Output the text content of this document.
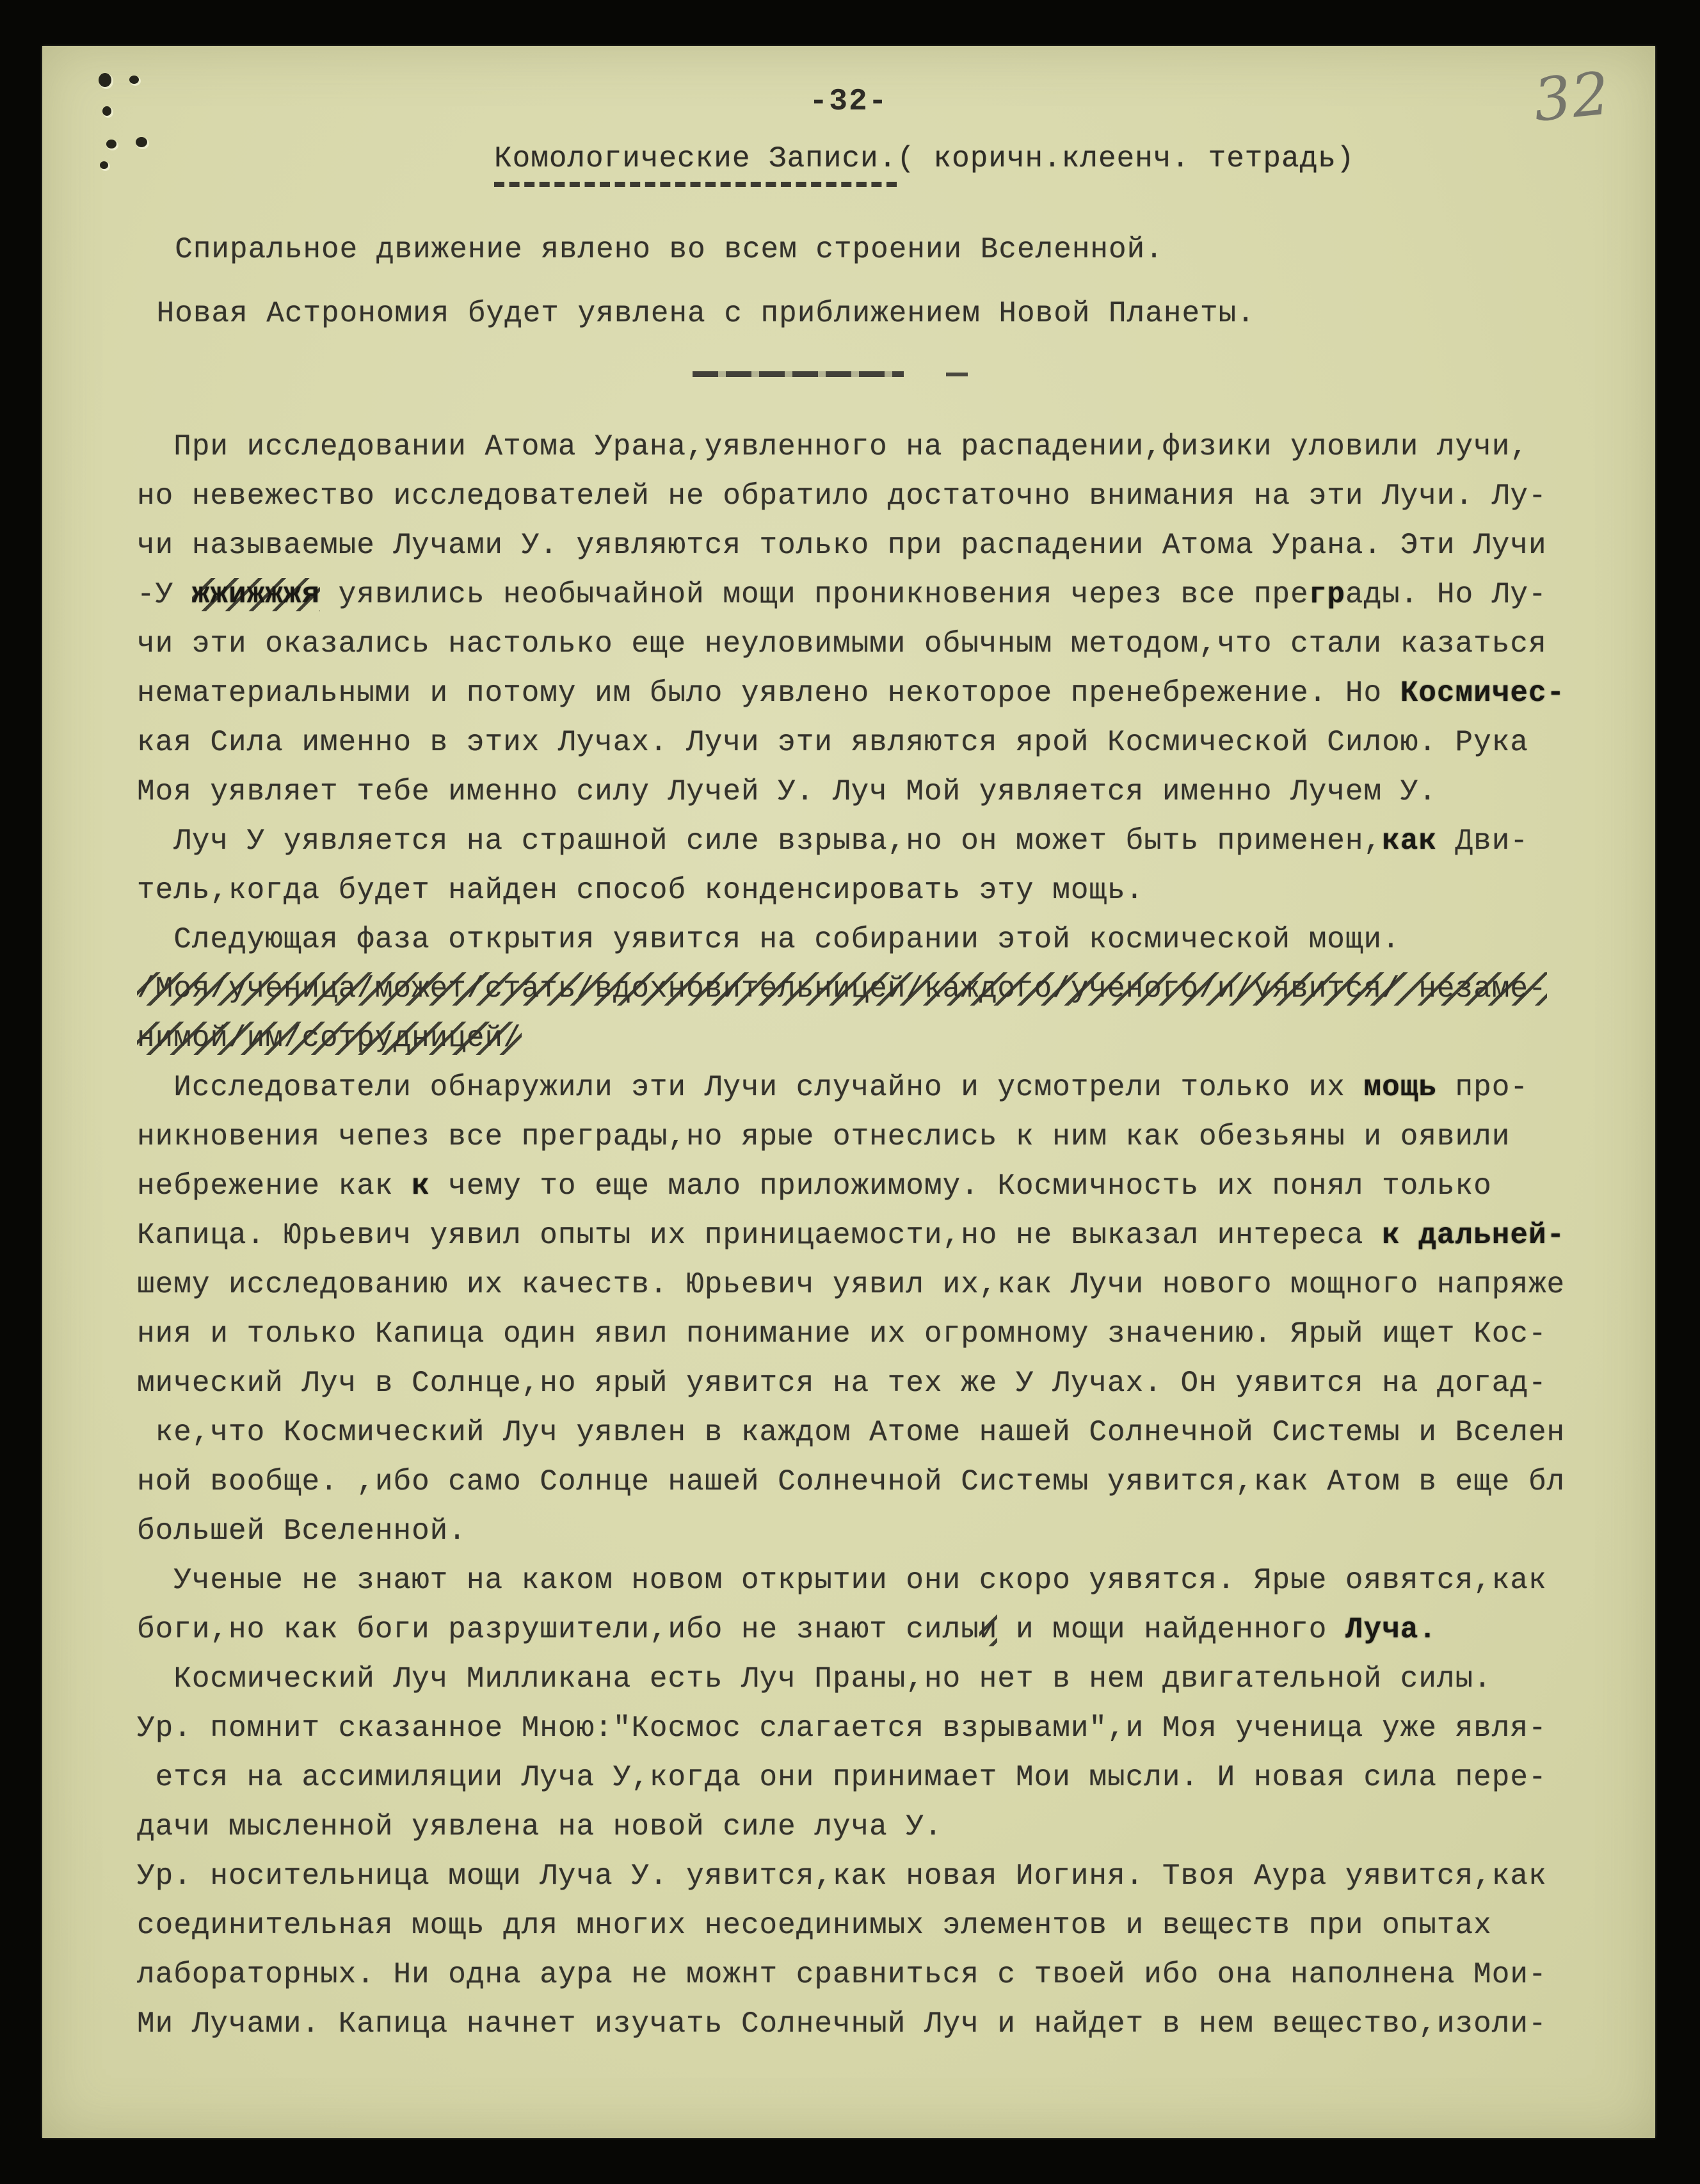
-32-	32
Комологические Записи.( коричн.клеенч. тетрадь)
Спиральное движение явлено во всем строении Вселенной.
Новая Астрономия будет уявлена с приближением Новой Планеты.
При исследовании Атома Урана,уявленного на распадении,физики уловили лучи,
но невежество исследователей не обратило достаточно внимания на эти Лучи. Лу-
чи называемые Лучами У. уявляются только при распадении Атома Урана. Эти Лучи
-У жжижжжя уявились необычайной мощи проникновения через все преграды. Но Лу-
чи эти оказались настолько еще неуловимыми обычным методом,что стали казаться
нематериальными и потому им было уявлено некоторое пренебрежение. Но Космичес-
кая Сила именно в этих Лучах. Лучи эти являются ярой Космической Силою. Рука
Моя уявляет тебе именно силу Лучей У. Луч Мой уявляется именно Лучем У.
Луч У уявляется на страшной силе взрыва,но он может быть применен,как Дви-
тель,когда будет найден способ конденсировать эту мощь.
Следующая фаза открытия уявится на собирании этой космической мощи.
/Моя/ученица/может/стать/вдохновительницей/каждого/ученого/и/уявится/ незаме-
нимой/им/сотрудницей/
Исследователи обнаружили эти Лучи случайно и усмотрели только их мощь про-
никновения чепез все преграды,но ярые отнеслись к ним как обезьяны и оявили
небрежение как к чему то еще мало приложимому. Космичность их понял только
Капица. Юрьевич уявил опыты их приницаемости,но не выказал интереса к дальней-
шему исследованию их качеств. Юрьевич уявил их,как Лучи нового мощного напряже
ния и только Капица один явил понимание их огромному значению. Ярый ищет Кос-
мический Луч в Солнце,но ярый уявится на тех же У Лучах. Он уявится на догад-
ке,что Космический Луч уявлен в каждом Атоме нашей Солнечной Системы и Вселен
ной вообще. ,ибо само Солнце нашей Солнечной Системы уявится,как Атом в еще бл
большей Вселенной.
Ученые не знают на каком новом открытии они скоро уявятся. Ярые оявятся,как
боги,но как боги разрушители,ибо не знают силыи и мощи найденного Луча.
Космический Луч Милликана есть Луч Праны,но нет в нем двигательной силы.
Ур. помнит сказанное Мною:"Космос слагается взрывами",и Моя ученица уже явля-
ется на ассимиляции Луча У,когда они принимает Мои мысли. И новая сила пере-
дачи мысленной уявлена на новой силе луча У.
Ур. носительница мощи Луча У. уявится,как новая Иогиня. Твоя Аура уявится,как
соединительная мощь для многих несоединимых элементов и веществ при опытах
лабораторных. Ни одна аура не можнт сравниться с твоей ибо она наполнена Мои-
Ми Лучами. Капица начнет изучать Солнечный Луч и найдет в нем вещество,изоли-
